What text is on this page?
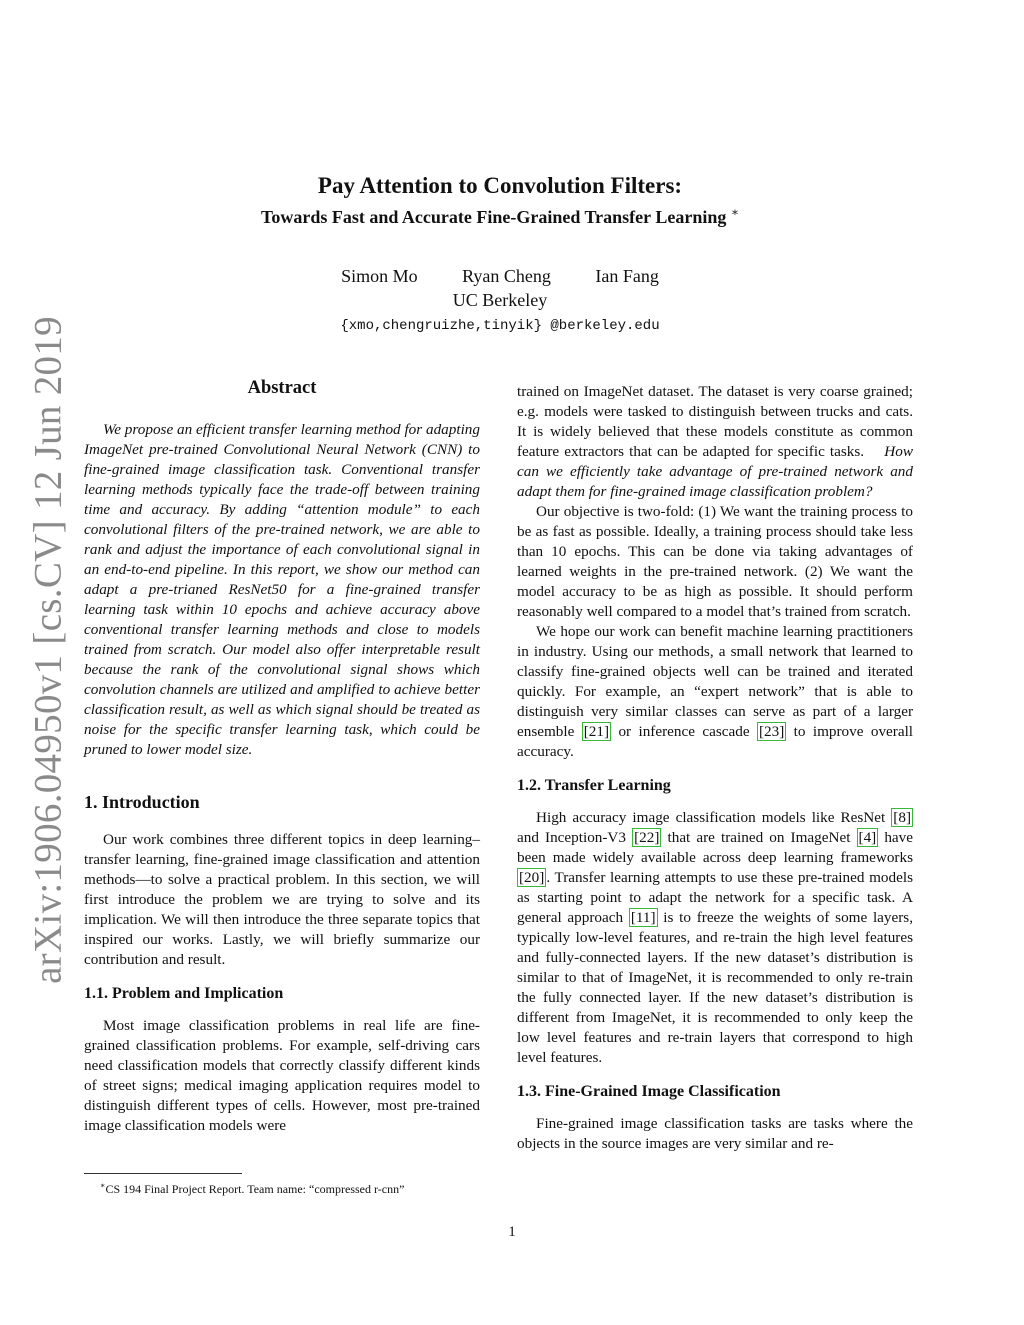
arXiv:1906.04950v1 [cs.CV] 12 Jun 2019

Pay Attention to Convolution Filters:

Towards Fast and Accurate Fine-Grained Transfer Learning ∗

Simon Mo Ryan Cheng Ian Fang
UC Berkeley
{xmo,chengruizhe,tinyik} @berkeley.edu
Abstract

We propose an efficient transfer learning method for adapting ImageNet pre-trained Convolutional Neural Network (CNN) to fine-grained image classification task. Conventional transfer learning methods typically face the trade-off between training time and accuracy. By adding “attention module” to each convolutional filters of the pre-trained network, we are able to rank and adjust the importance of each convolutional signal in an end-to-end pipeline. In this report, we show our method can adapt a pre-trianed ResNet50 for a fine-grained transfer learning task within 10 epochs and achieve accuracy above conventional transfer learning methods and close to models trained from scratch. Our model also offer interpretable result because the rank of the convolutional signal shows which convolution channels are utilized and amplified to achieve better classification result, as well as which signal should be treated as noise for the specific transfer learning task, which could be pruned to lower model size.

1. Introduction

Our work combines three different topics in deep learning–transfer learning, fine-grained image classification and attention methods—to solve a practical problem. In this section, we will first introduce the problem we are trying to solve and its implication. We will then introduce the three separate topics that inspired our works. Lastly, we will briefly summarize our contribution and result.

1.1. Problem and Implication

Most image classification problems in real life are fine-grained classification problems. For example, self-driving cars need classification models that correctly classify different kinds of street signs; medical imaging application requires model to distinguish different types of cells. However, most pre-trained image classification models were

trained on ImageNet dataset. The dataset is very coarse grained; e.g. models were tasked to distinguish between trucks and cats. It is widely believed that these models constitute as common feature extractors that can be adapted for specific tasks. How can we efficiently take advantage of pre-trained network and adapt them for fine-grained image classification problem?

Our objective is two-fold: (1) We want the training process to be as fast as possible. Ideally, a training process should take less than 10 epochs. This can be done via taking advantages of learned weights in the pre-trained network. (2) We want the model accuracy to be as high as possible. It should perform reasonably well compared to a model that’s trained from scratch.

We hope our work can benefit machine learning practitioners in industry. Using our methods, a small network that learned to classify fine-grained objects well can be trained and iterated quickly. For example, an “expert network” that is able to distinguish very similar classes can serve as part of a larger ensemble [21] or inference cascade [23] to improve overall accuracy.

1.2. Transfer Learning

High accuracy image classification models like ResNet [8] and Inception-V3 [22] that are trained on ImageNet [4] have been made widely available across deep learning frameworks [20] . Transfer learning attempts to use these pre-trained models as starting point to adapt the network for a specific task. A general approach [11] is to freeze the weights of some layers, typically low-level features, and re-train the high level features and fully-connected layers. If the new dataset’s distribution is similar to that of ImageNet, it is recommended to only re-train the fully connected layer. If the new dataset’s distribution is different from ImageNet, it is recommended to only keep the low level features and re-train layers that correspond to high level features.

1.3. Fine-Grained Image Classification

Fine-grained image classification tasks are tasks where the objects in the source images are very similar and re-

∗CS 194 Final Project Report. Team name: “compressed r-cnn”
1
